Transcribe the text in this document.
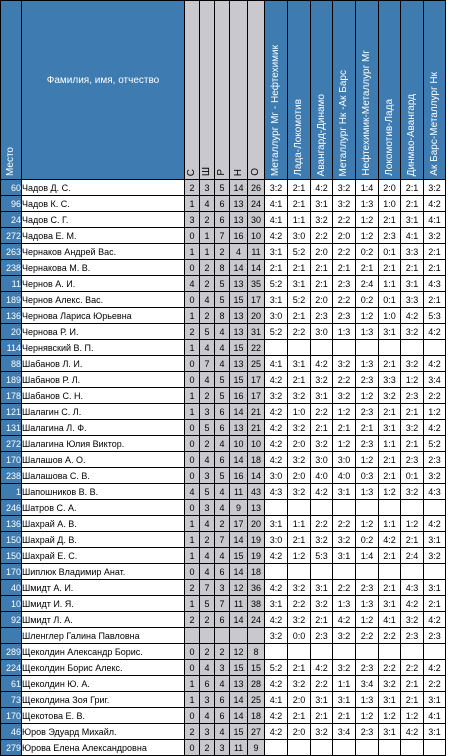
Место	Фамилия, имя, отчество	С	Ш	Р	Н	О	Металлург Мг - Нефтехимик	Лада-Локомотив	Авангард-Динамо	Металлург Нк -Ак Барс	Нефтехимик-Металлург Мг	Локомотив-Лада	Динмао-Авангард	Ак Барс-Металлург Нк

60	Чадов Д. С.	2	3	5	14	26	3:2	2:1	4:2	3:2	1:4	2:0	2:1	3:2
96	Чадов К. С.	1	4	6	13	24	4:1	2:1	3:1	3:2	1:3	1:0	2:1	4:2
24	Чадов С. Г.	3	2	6	13	30	4:1	1:1	3:2	2:2	1:2	2:1	3:1	4:1
272	Чадова Е. М.	0	1	7	16	10	4:2	3:0	2:2	2:0	1:2	2:3	4:1	3:2
263	Чернаков Андрей Вас.	1	1	2	4	11	3:1	5:2	2:0	2:2	0:2	0:1	3:3	2:1
238	Чернакова М. В.	0	2	8	14	14	2:1	2:1	2:1	2:1	2:1	2:1	2:1	2:1
11	Чернов А. И.	4	2	5	13	35	5:2	3:1	2:1	2:3	2:4	1:1	3:1	4:3
189	Чернов Алекс. Вас.	0	4	5	15	17	3:1	5:2	2:0	2:2	0:2	0:1	3:3	2:1
136	Чернова Лариса Юрьевна	1	2	8	13	20	3:0	2:1	2:3	2:3	1:2	1:0	4:2	5:3
20	Чернова Р. И.	2	5	4	13	31	5:2	2:2	3:0	1:3	1:3	3:1	3:2	4:2
114	Чернявский В. П.	1	4	4	15	22								
88	Шабанов Л. И.	0	7	4	13	25	4:1	3:1	4:2	3:2	1:3	2:1	3:2	4:2
189	Шабанов Р. Л.	0	4	5	15	17	4:2	2:1	3:2	2:2	2:3	3:3	1:2	3:4
178	Шабанов С. Н.	1	2	5	16	17	3:2	3:2	3:1	3:2	1:2	3:2	2:3	2:2
121	Шалагин С. Л.	1	3	6	14	21	4:2	1:0	2:2	1:2	2:3	2:1	2:1	1:2
131	Шалагина Л. Ф.	0	5	6	13	21	4:2	3:2	2:1	2:1	2:1	3:1	3:2	4:2
272	Шалагина Юлия Виктор.	0	2	4	10	10	4:2	2:0	3:2	1:2	2:3	1:1	2:1	5:2
170	Шалашов А. О.	0	4	6	14	18	4:2	3:2	3:0	3:0	1:2	2:1	2:3	2:3
238	Шалашова С. В.	0	3	5	16	14	3:0	2:0	4:0	4:0	0:3	2:1	0:1	3:2
1	Шапошников В. В.	4	5	4	11	43	4:3	3:2	4:2	3:1	1:3	1:2	3:2	4:3
246	Шатров С. А.	0	3	4	9	13								
136	Шахрай А. В.	1	4	2	17	20	3:1	1:1	2:2	2:2	1:2	1:1	1:2	4:2
150	Шахрай Д. В.	1	2	7	14	19	3:0	2:1	3:2	3:2	0:2	4:2	2:1	3:1
150	Шахрай Е. С.	1	4	4	15	19	4:2	1:2	5:3	3:1	1:4	2:1	2:4	3:2
170	Шиплюк Владимир Анат.	0	4	6	14	18								
40	Шмидт А. И.	2	7	3	12	36	4:2	3:2	3:1	2:2	2:3	2:1	4:3	3:1
10	Шмидт И. Я.	1	5	7	11	38	3:1	2:2	3:2	1:3	1:3	3:1	4:2	2:1
92	Шмидт Л. А.	2	2	6	14	24	4:2	3:2	2:1	4:2	1:2	4:1	3:2	4:2
	Шленглер Галина Павловна						3:2	0:0	2:3	3:2	2:2	2:2	2:3	2:3
289	Щеколдин Александр Борис.	0	2	2	12	8								
224	Щеколдин Борис Алекс.	0	4	3	15	15	5:2	2:1	4:2	3:2	2:3	2:2	2:2	4:2
61	Щеколдин Ю. А.	1	6	4	13	28	4:2	3:2	2:2	1:1	3:4	3:2	2:1	2:2
73	Щеколдина Зоя Григ.	1	3	6	14	25	4:1	2:0	3:1	3:1	1:3	3:1	2:1	3:1
170	Щекотова Е. В.	0	4	6	14	18	4:2	2:1	2:1	2:1	1:2	1:2	1:2	4:1
46	Юров Эдуард Михайл.	2	3	4	15	27	4:2	2:0	3:2	3:4	2:3	3:1	4:2	3:1
279	Юрова Елена Александровна	0	2	3	11	9								
